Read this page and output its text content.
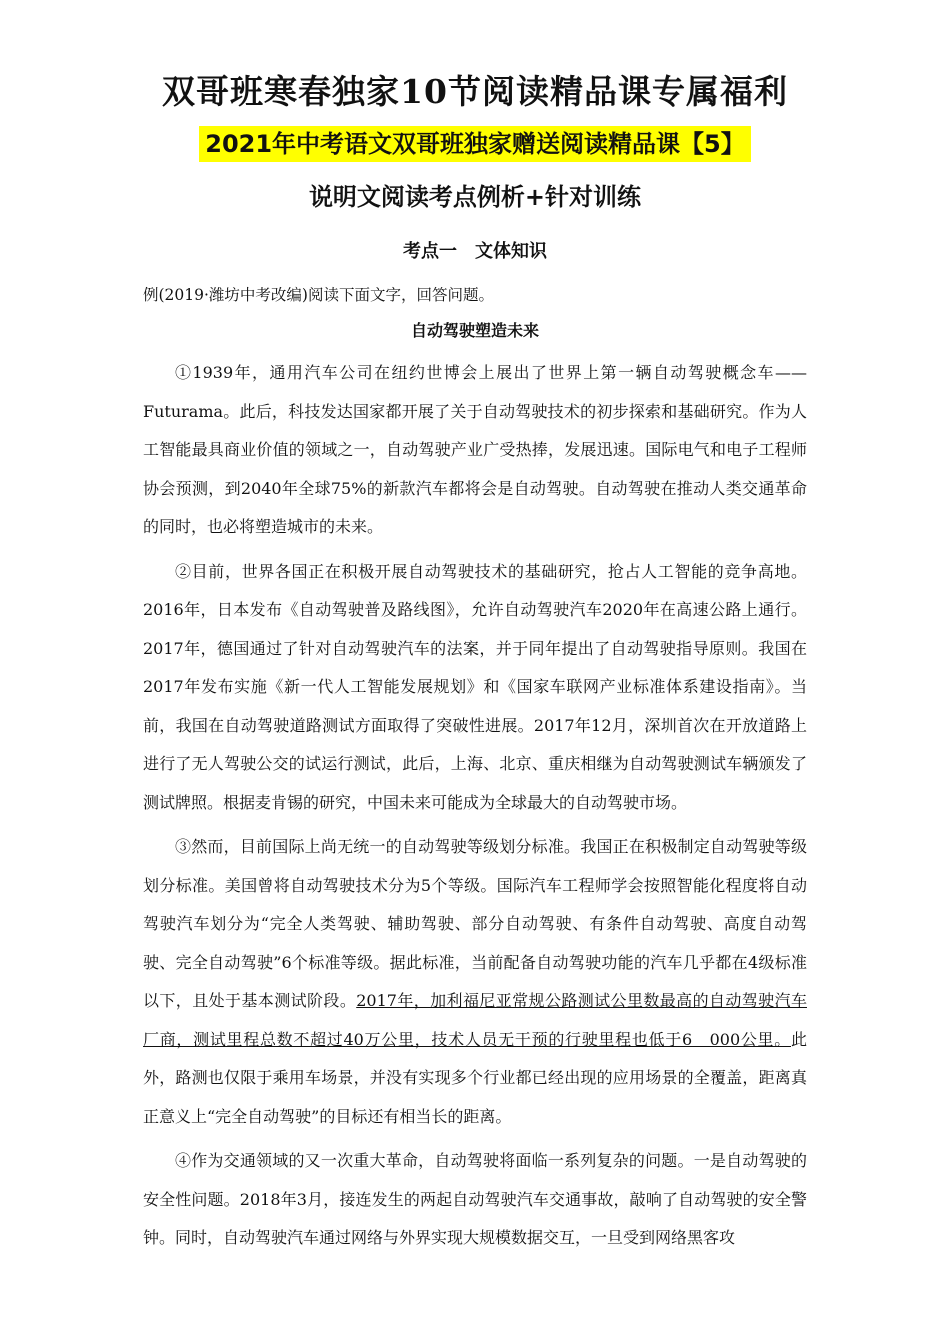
双哥班寒春独家10节阅读精品课专属福利
2021年中考语文双哥班独家赠送阅读精品课【5】
说明文阅读考点例析+针对训练
考点一 文体知识
例(2019·潍坊中考改编)阅读下面文字，回答问题。
自动驾驶塑造未来

①1939年，通用汽车公司在纽约世博会上展出了世界上第一辆自动驾驶概念车——Futurama。此后，科技发达国家都开展了关于自动驾驶技术的初步探索和基础研究。作为人工智能最具商业价值的领域之一，自动驾驶产业广受热捧，发展迅速。国际电气和电子工程师协会预测，到2040年全球75%的新款汽车都将会是自动驾驶。自动驾驶在推动人类交通革命的同时，也必将塑造城市的未来。

②目前，世界各国正在积极开展自动驾驶技术的基础研究，抢占人工智能的竞争高地。2016年，日本发布《自动驾驶普及路线图》，允许自动驾驶汽车2020年在高速公路上通行。2017年，德国通过了针对自动驾驶汽车的法案，并于同年提出了自动驾驶指导原则。我国在2017年发布实施《新一代人工智能发展规划》和《国家车联网产业标准体系建设指南》。当前，我国在自动驾驶道路测试方面取得了突破性进展。2017年12月，深圳首次在开放道路上进行了无人驾驶公交的试运行测试，此后，上海、北京、重庆相继为自动驾驶测试车辆颁发了测试牌照。根据麦肯锡的研究，中国未来可能成为全球最大的自动驾驶市场。

③然而，目前国际上尚无统一的自动驾驶等级划分标准。我国正在积极制定自动驾驶等级划分标准。美国曾将自动驾驶技术分为5个等级。国际汽车工程师学会按照智能化程度将自动驾驶汽车划分为“完全人类驾驶、辅助驾驶、部分自动驾驶、有条件自动驾驶、高度自动驾驶、完全自动驾驶”6个标准等级。据此标准，当前配备自动驾驶功能的汽车几乎都在4级标准以下，且处于基本测试阶段。2017年，加利福尼亚常规公路测试公里数最高的自动驾驶汽车厂商，测试里程总数不超过40万公里，技术人员无干预的行驶里程也低于6　000公里。此外，路测也仅限于乘用车场景，并没有实现多个行业都已经出现的应用场景的全覆盖，距离真正意义上“完全自动驾驶”的目标还有相当长的距离。

④作为交通领域的又一次重大革命，自动驾驶将面临一系列复杂的问题。一是自动驾驶的安全性问题。2018年3月，接连发生的两起自动驾驶汽车交通事故，敲响了自动驾驶的安全警钟。同时，自动驾驶汽车通过网络与外界实现大规模数据交互，一旦受到网络黑客攻
